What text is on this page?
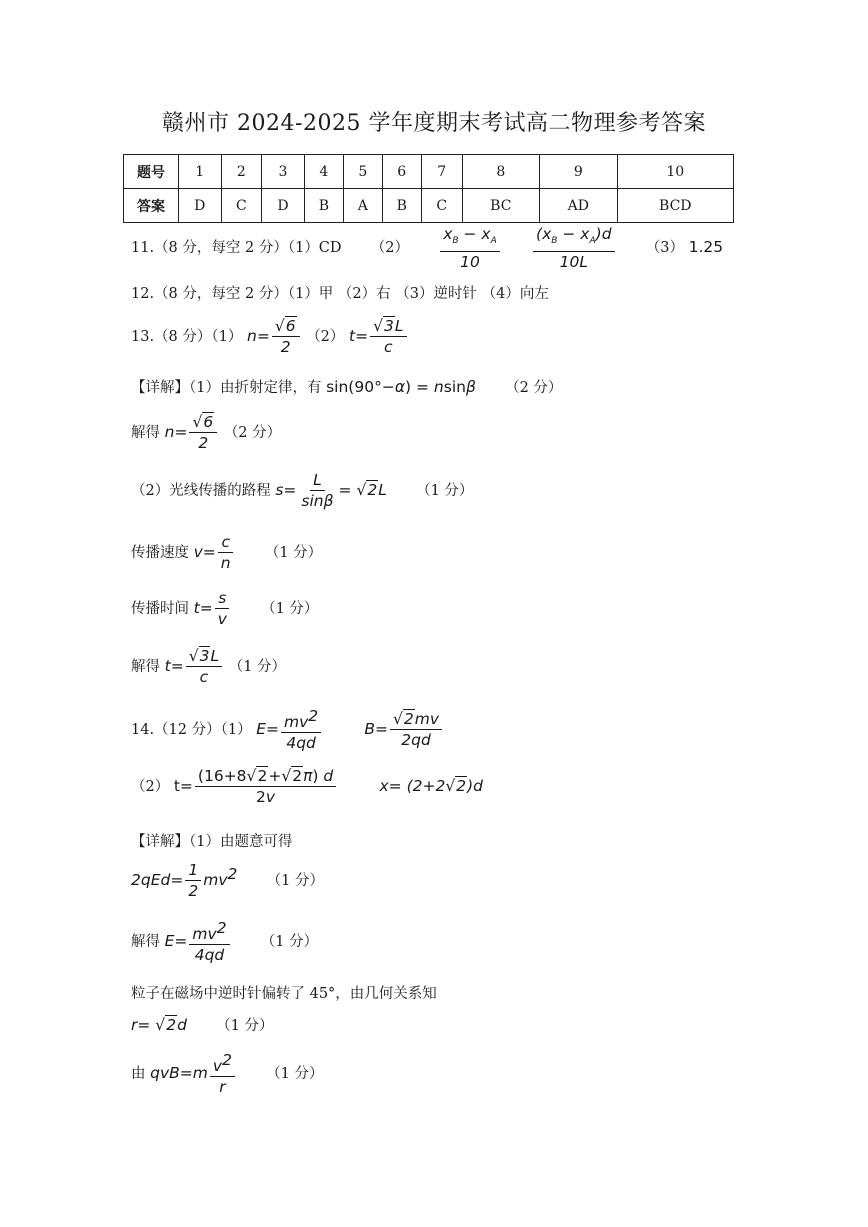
赣州市 2024-2025 学年度期末考试高二物理参考答案
题号	1	2	3	4	5	6	7	8	9	10
答案	D	C	D	B	A	B	C	BC	AD	BCD
11.（8 分，每空 2 分）（1）CD $(2) \frac{x_B - x_A}{10}$
$\frac{(x_B - x_A)d}{10L} (3)$ 1.25
12.（8 分，每空 2 分）（1）甲 （2）右 （3）逆时针 （4）向左
13.（8 分）（1） $n= \frac{√6}{2} (2)$ $t= \frac{√3L}{c}$
【详解】（1）由折射定律，有 sin(90°−α) = nsinβ （2 分）
解得 $n= \frac{√6}{2} (2$ 分）
（2）光线传播的路程 $s= \frac{L}{\sin\beta} = √2L$ （1 分）
传播速度 $v= \frac{c}{n} (1$ 分）
传播时间 $t= \frac{s}{v} (1$ 分）
解得 $t= \frac{√3L}{c} (1$ 分）
14.（12 分）（1） $E= \frac{mv^2}{4qd}$	$B= \frac{√2mv}{2qd}$
（2） $t= \frac{(16+8√2+√2\pi) d}{2v}$	x= (2+2√2)d
【详解】（1）由题意可得
$2qEd= \frac{1}{2} mv^2$ （1 分）
解得 $E= \frac{mv^2}{4qd} (1$ 分）
粒子在磁场中逆时针偏转了 45°，由几何关系知
r= √2d （1 分）
由 $qvB=m \frac{v^2}{r} (1$ 分）
